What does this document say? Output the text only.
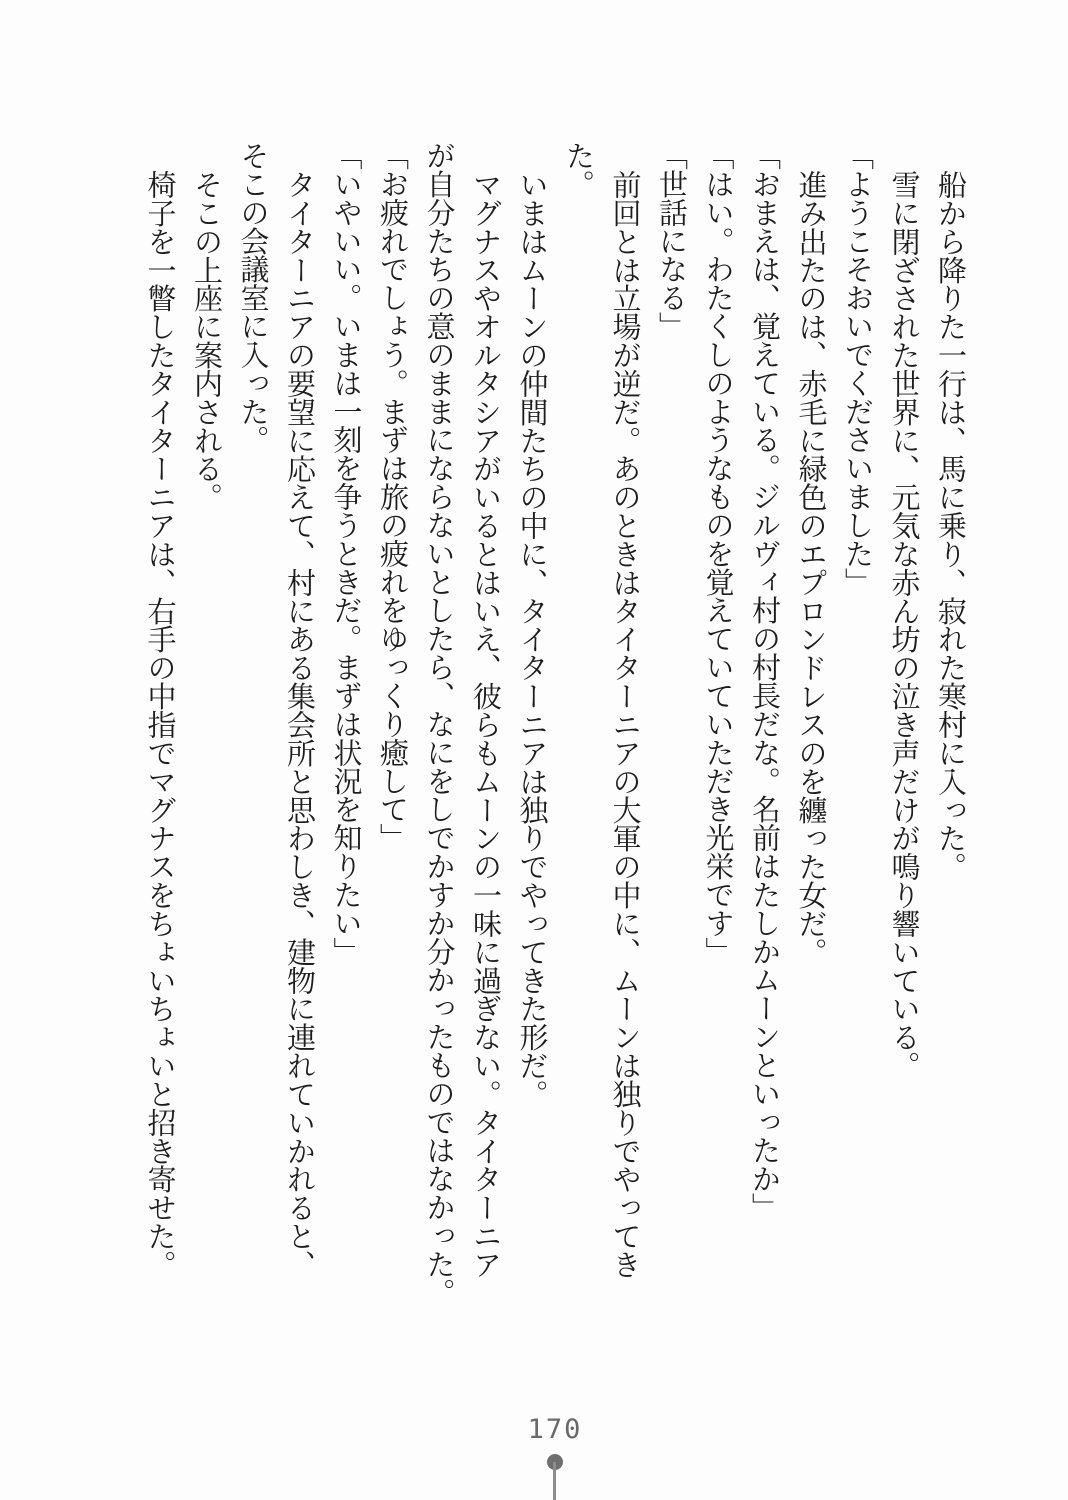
船から降りた一行は、馬に乗り、寂れた寒村に入った。
雪に閉ざされた世界に、元気な赤ん坊の泣き声だけが鳴り響いている。
「ようこそおいでくださいました」
進み出たのは、赤毛に緑色のエプロンドレスのを纏った女だ。
「おまえは、覚えている。ジルヴィ村の村長だな。名前はたしかムーンといったか」
「はい。わたくしのようなものを覚えていていただき光栄です」
「世話になる」
前回とは立場が逆だ。あのときはタイターニアの大軍の中に、ムーンは独りでやってき
た。
いまはムーンの仲間たちの中に、タイターニアは独りでやってきた形だ。
マグナスやオルタシアがいるとはいえ、彼らもムーンの一味に過ぎない。タイターニア
が自分たちの意のままにならないとしたら、なにをしでかすか分かったものではなかった。
「お疲れでしょう。まずは旅の疲れをゆっくり癒して」
「いやいい。いまは一刻を争うときだ。まずは状況を知りたい」
タイターニアの要望に応えて、村にある集会所と思わしき、建物に連れていかれると、
そこの会議室に入った。
そこの上座に案内される。
椅子を一瞥したタイターニアは、右手の中指でマグナスをちょいちょいと招き寄せた。
170
